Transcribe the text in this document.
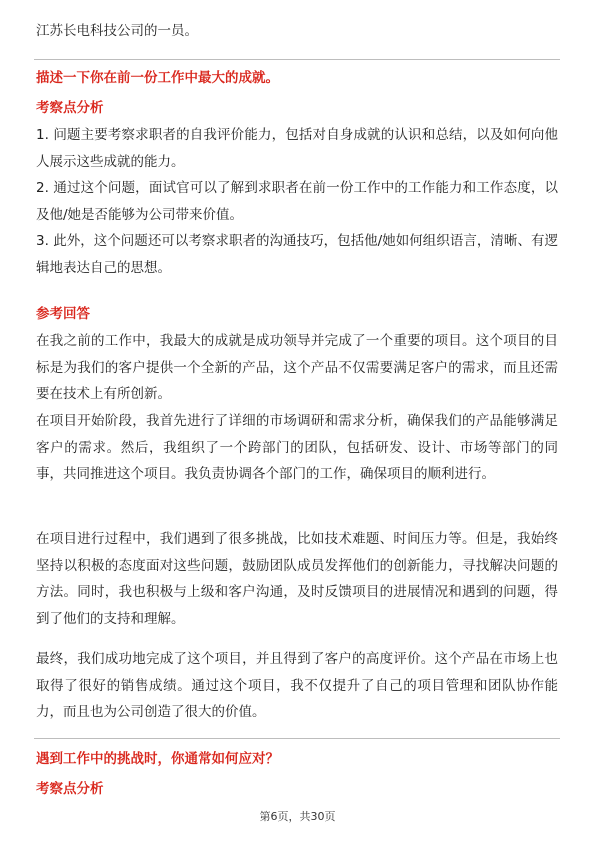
江苏长电科技公司的一员。

描述一下你在前一份工作中最大的成就。

考察点分析

1. 问题主要考察求职者的自我评价能力，包括对自身成就的认识和总结，以及如何向他人展示这些成就的能力。

2. 通过这个问题，面试官可以了解到求职者在前一份工作中的工作能力和工作态度，以及他/她是否能够为公司带来价值。

3. 此外，这个问题还可以考察求职者的沟通技巧，包括他/她如何组织语言，清晰、有逻辑地表达自己的思想。

参考回答

在我之前的工作中，我最大的成就是成功领导并完成了一个重要的项目。这个项目的目标是为我们的客户提供一个全新的产品，这个产品不仅需要满足客户的需求，而且还需要在技术上有所创新。

在项目开始阶段，我首先进行了详细的市场调研和需求分析，确保我们的产品能够满足客户的需求。然后，我组织了一个跨部门的团队，包括研发、设计、市场等部门的同事，共同推进这个项目。我负责协调各个部门的工作，确保项目的顺利进行。

在项目进行过程中，我们遇到了很多挑战，比如技术难题、时间压力等。但是，我始终坚持以积极的态度面对这些问题，鼓励团队成员发挥他们的创新能力，寻找解决问题的方法。同时，我也积极与上级和客户沟通，及时反馈项目的进展情况和遇到的问题，得到了他们的支持和理解。

最终，我们成功地完成了这个项目，并且得到了客户的高度评价。这个产品在市场上也取得了很好的销售成绩。通过这个项目，我不仅提升了自己的项目管理和团队协作能力，而且也为公司创造了很大的价值。

遇到工作中的挑战时，你通常如何应对？

考察点分析

第6页，共30页
